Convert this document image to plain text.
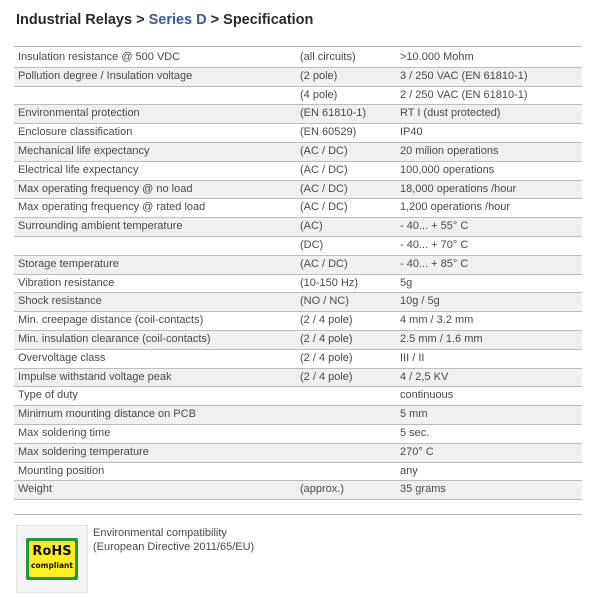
Industrial Relays > Series D > Specification
Insulation resistance @ 500 VDC	(all circuits)	>10.000 Mohm
Pollution degree / Insulation voltage	(2 pole)	3 / 250 VAC (EN 61810-1)
	(4 pole)	2 / 250 VAC (EN 61810-1)
Environmental protection	(EN 61810-1)	RT I (dust protected)
Enclosure classification	(EN 60529)	IP40
Mechanical life expectancy	(AC / DC)	20 milion operations
Electrical life expectancy	(AC / DC)	100,000 operations
Max operating frequency @ no load	(AC / DC)	18,000 operations /hour
Max operating frequency @ rated load	(AC / DC)	1,200 operations /hour
Surrounding ambient temperature	(AC)	- 40... + 55° C
	(DC)	- 40... + 70° C
Storage temperature	(AC / DC)	- 40... + 85° C
Vibration resistance	(10-150 Hz)	5g
Shock resistance	(NO / NC)	10g / 5g
Min. creepage distance (coil-contacts)	(2 / 4 pole)	4 mm / 3.2 mm
Min. insulation clearance (coil-contacts)	(2 / 4 pole)	2.5 mm / 1.6 mm
Overvoltage class	(2 / 4 pole)	III / II
Impulse withstand voltage peak	(2 / 4 pole)	4 / 2,5 KV
Type of duty		continuous
Minimum mounting distance on PCB		5 mm
Max soldering time		5 sec.
Max soldering temperature		270° C
Mounting position		any
Weight	(approx.)	35 grams
RoHS
compliant
Environmental compatibility
(European Directive 2011/65/EU)
